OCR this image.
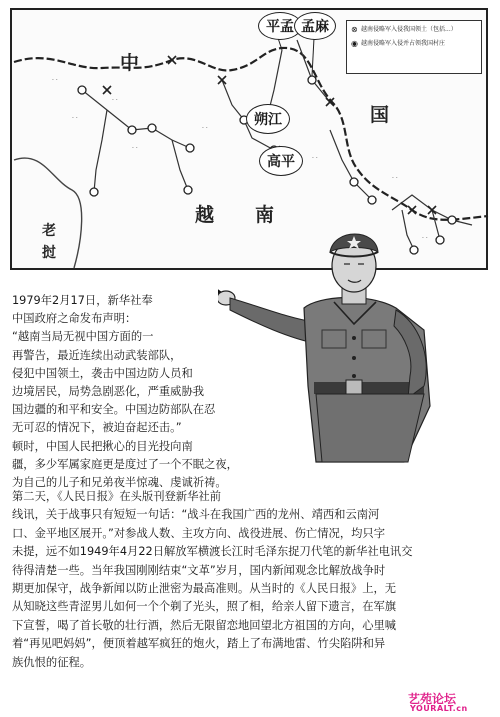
· ·
· ·
· ·
· ·
· ·
· ·
· ·
· ·
中
国
越 南
老
挝
平孟 孟麻
朔江
高平
⊗ 越南侵略军入侵我国领土（包括...）
◉ 越南侵略军入侵并占领我国村庄
1979年2月17日，新华社奉
中国政府之命发布声明：
“越南当局无视中国方面的一
再警告，最近连续出动武装部队，
侵犯中国领土，袭击中国边防人员和
边境居民，局势急剧恶化，严重威胁我
国边疆的和平和安全。中国边防部队在忍
无可忍的情况下，被迫奋起还击。”
顿时，中国人民把揪心的目光投向南
疆，多少军属家庭更是度过了一个不眠之夜，
为自己的儿子和兄弟夜半惊魂、虔诚祈祷。
第二天，《人民日报》在头版刊登新华社前
线讯，关于战事只有短短一句话：“战斗在我国广西的龙州、靖西和云南河
口、金平地区展开。”对参战人数、主攻方向、战役进展、伤亡情况，均只字
未提，远不如1949年4月22日解放军横渡长江时毛泽东捉刀代笔的新华社电讯交
待得清楚一些。当年我国刚刚结束“文革”岁月，国内新闻观念比解放战争时
期更加保守，战争新闻以防止泄密为最高准则。从当时的《人民日报》上，无
从知晓这些青涩男儿如何一个个剃了光头，照了相，给亲人留下遗言，在军旗
下宣誓，喝了首长敬的壮行酒，然后无限留恋地回望北方祖国的方向，心里喊
着“再见吧妈妈”，便顶着越军疯狂的炮火，踏上了布满地雷、竹尖陷阱和异
族仇恨的征程。
艺苑论坛
YOURALT.cn
